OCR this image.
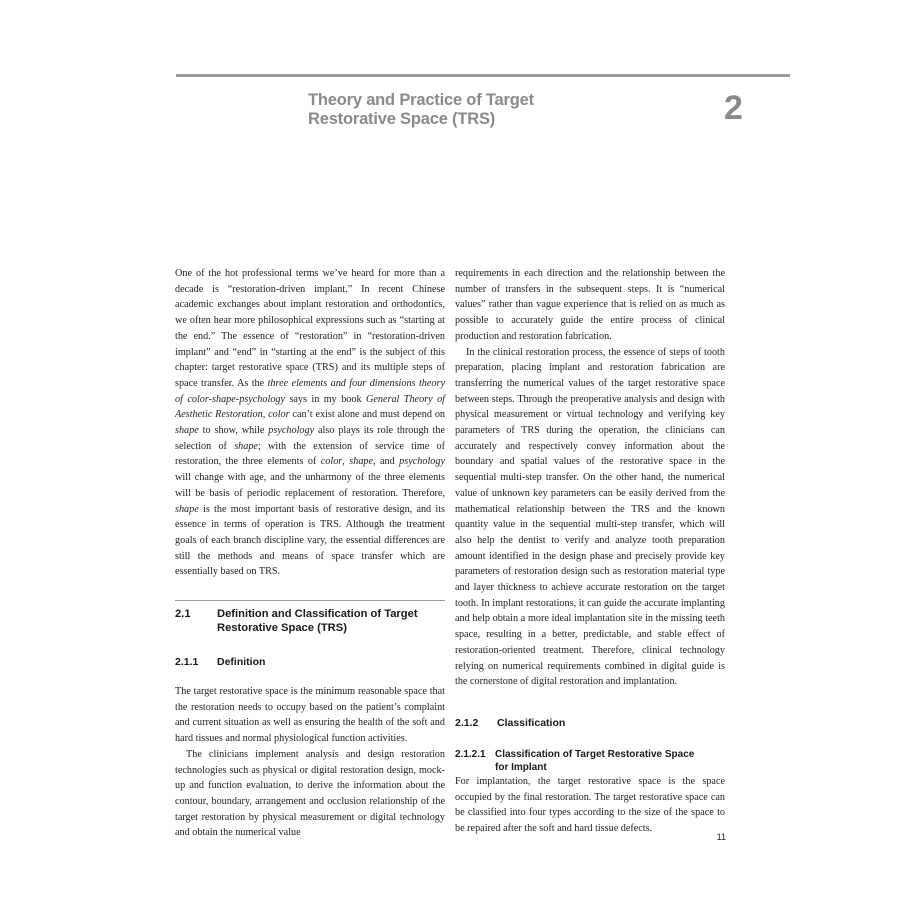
Theory and Practice of Target
Restorative Space (TRS)	2

One of the hot professional terms we’ve heard for more than a decade is “restoration-driven implant.” In recent Chinese academic exchanges about implant restoration and orthodontics, we often hear more philosophical expressions such as “starting at the end.” The essence of “restoration” in “restoration-driven implant” and “end” in “starting at the end” is the subject of this chapter: target restorative space (TRS) and its multiple steps of space transfer. As the three elements and four dimensions theory of color-shape-psychology says in my book General Theory of Aesthetic Restoration, color can’t exist alone and must depend on shape to show, while psychology also plays its role through the selection of shape; with the extension of service time of restoration, the three elements of color, shape, and psychology will change with age, and the unharmony of the three elements will be basis of periodic replacement of restoration. Therefore, shape is the most important basis of restorative design, and its essence in terms of operation is TRS. Although the treatment goals of each branch discipline vary, the essential differences are still the methods and means of space transfer which are essentially based on TRS.

2.1	Definition and Classification of Target
Restorative Space (TRS)
2.1.1	Definition

The target restorative space is the minimum reasonable space that the restoration needs to occupy based on the patient’s complaint and current situation as well as ensuring the health of the soft and hard tissues and normal physiological function activities.

The clinicians implement analysis and design restoration technologies such as physical or digital restoration design, mock-up and function evaluation, to derive the information about the contour, boundary, arrangement and occlusion relationship of the target restoration by physical measurement or digital technology and obtain the numerical value

requirements in each direction and the relationship between the number of transfers in the subsequent steps. It is “numerical values” rather than vague experience that is relied on as much as possible to accurately guide the entire process of clinical production and restoration fabrication.

In the clinical restoration process, the essence of steps of tooth preparation, placing implant and restoration fabrication are transferring the numerical values of the target restorative space between steps. Through the preoperative analysis and design with physical measurement or virtual technology and verifying key parameters of TRS during the operation, the clinicians can accurately and respectively convey information about the boundary and spatial values of the restorative space in the sequential multi-step transfer. On the other hand, the numerical value of unknown key parameters can be easily derived from the mathematical relationship between the TRS and the known quantity value in the sequential multi-step transfer, which will also help the dentist to verify and analyze tooth preparation amount identified in the design phase and precisely provide key parameters of restoration design such as restoration material type and layer thickness to achieve accurate restoration on the target tooth. In implant restorations, it can guide the accurate implanting and help obtain a more ideal implantation site in the missing teeth space, resulting in a better, predictable, and stable effect of restoration-oriented treatment. Therefore, clinical technology relying on numerical requirements combined in digital guide is the cornerstone of digital restoration and implantation.

2.1.2	Classification
2.1.2.1 Classification of Target Restorative Space
for Implant

For implantation, the target restorative space is the space occupied by the final restoration. The target restorative space can be classified into four types according to the size of the space to be repaired after the soft and hard tissue defects.

11
